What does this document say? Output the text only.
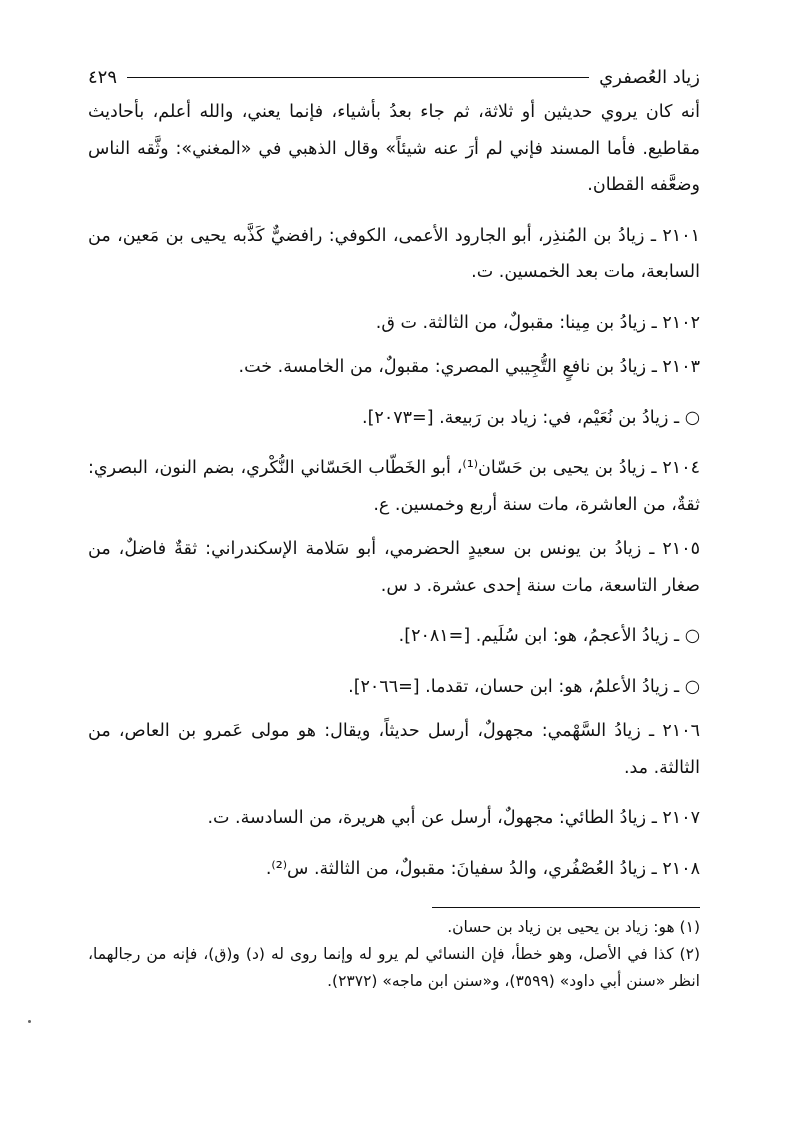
زياد العُصفري
٤٢٩

أنه كان يروي حديثين أو ثلاثة، ثم جاء بعدُ بأشياء، فإنما يعني، والله أعلم، بأحاديث مقاطيع. فأما المسند فإني لم أرَ عنه شيئاً» وقال الذهبي في «المغني»: وثَّقه الناس وضعَّفه القطان.

٢١٠١ ـ زيادُ بن المُنذِر، أبو الجارود الأعمى، الكوفي: رافضيٌّ كَذَّبه يحيى بن مَعين، من السابعة، مات بعد الخمسين. ت.

٢١٠٢ ـ زيادُ بن مِينا: مقبولٌ، من الثالثة. ت ق.

٢١٠٣ ـ زيادُ بن نافعٍ التُّجِيبي المصري: مقبولٌ، من الخامسة. خت.

○ ـ زيادُ بن نُعَيْم، في: زياد بن رَبيعة. [=٢٠٧٣].

٢١٠٤ ـ زيادُ بن يحيى بن حَسّان⁽¹⁾، أبو الخَطّاب الحَسّاني النُّكْري، بضم النون، البصري: ثقةٌ، من العاشرة، مات سنة أربع وخمسين. ع.

٢١٠٥ ـ زيادُ بن يونس بن سعيدٍ الحضرمي، أبو سَلامة الإسكندراني: ثقةٌ فاضلٌ، من صغار التاسعة، مات سنة إحدى عشرة. د س.

○ ـ زيادُ الأعجمُ، هو: ابن سُلَيم. [=٢٠٨١].

○ ـ زيادُ الأعلمُ، هو: ابن حسان، تقدما. [=٢٠٦٦].

٢١٠٦ ـ زيادُ السَّهْمي: مجهولٌ، أرسل حديثاً، ويقال: هو مولى عَمرو بن العاص، من الثالثة. مد.

٢١٠٧ ـ زيادُ الطائي: مجهولٌ، أرسل عن أبي هريرة، من السادسة. ت.

٢١٠٨ ـ زيادُ العُصْفُري، والدُ سفيانَ: مقبولٌ، من الثالثة. س⁽²⁾.

(١) هو: زياد بن يحيى بن زياد بن حسان.

(٢) كذا في الأصل، وهو خطأ، فإن النسائي لم يرو له وإنما روى له (د) و(ق)، فإنه من رجالهما، انظر «سنن أبي داود» (٣٥٩٩)، و«سنن ابن ماجه» (٢٣٧٢).
